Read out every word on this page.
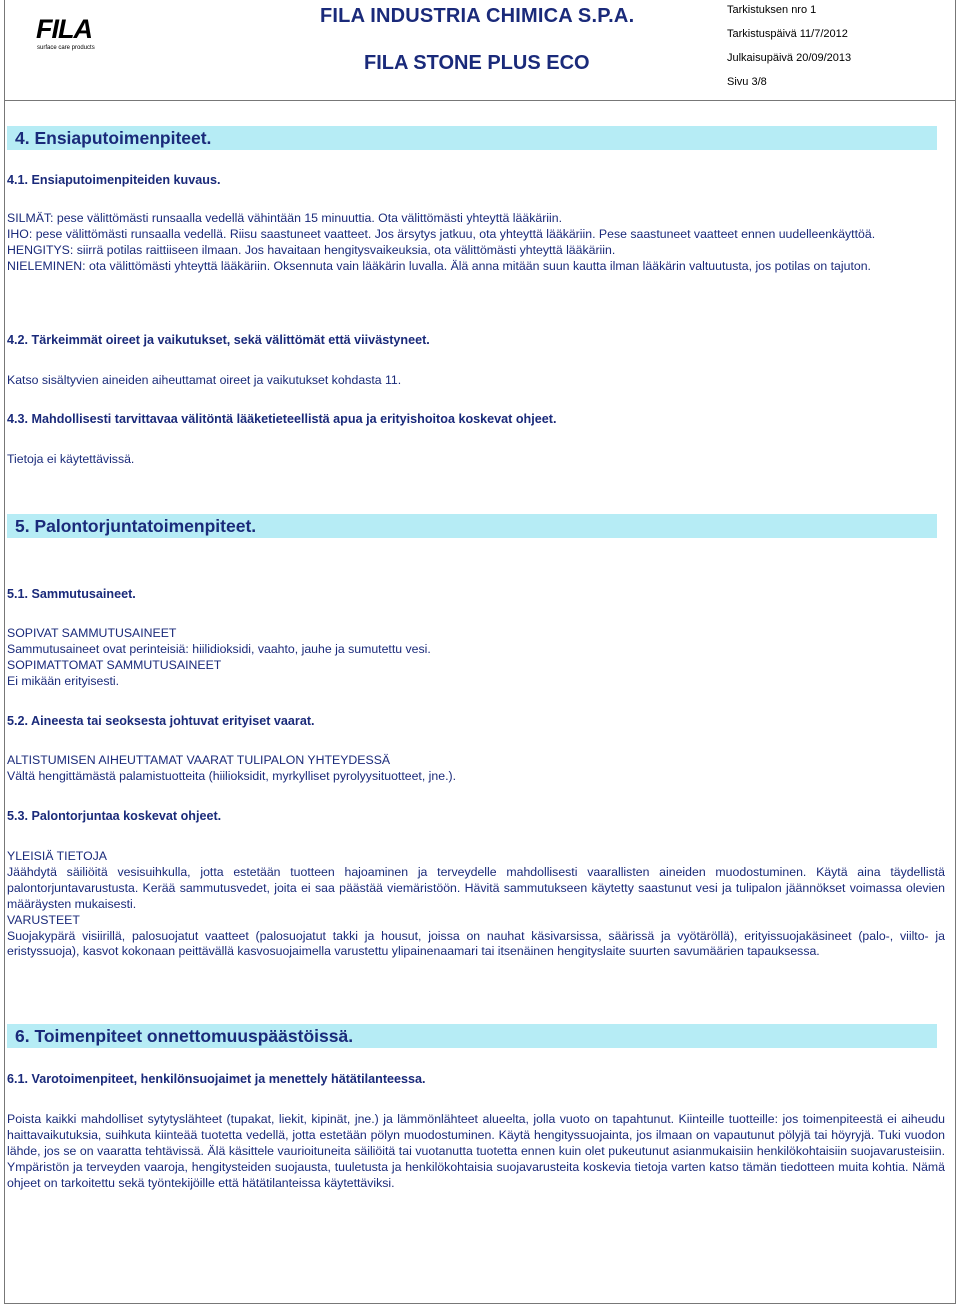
FILA
surface care products
FILA INDUSTRIA CHIMICA S.P.A.
FILA STONE PLUS ECO
Tarkistuksen nro 1
Tarkistuspäivä 11/7/2012
Julkaisupäivä 20/09/2013
Sivu 3/8
4. Ensiaputoimenpiteet.
4.1. Ensiaputoimenpiteiden kuvaus.
SILMÄT: pese välittömästi runsaalla vedellä vähintään 15 minuuttia. Ota välittömästi yhteyttä lääkäriin.
IHO: pese välittömästi runsaalla vedellä. Riisu saastuneet vaatteet. Jos ärsytys jatkuu, ota yhteyttä lääkäriin. Pese saastuneet vaatteet ennen uudelleenkäyttöä.
HENGITYS: siirrä potilas raittiiseen ilmaan. Jos havaitaan hengitysvaikeuksia, ota välittömästi yhteyttä lääkäriin.
NIELEMINEN: ota välittömästi yhteyttä lääkäriin. Oksennuta vain lääkärin luvalla. Älä anna mitään suun kautta ilman lääkärin valtuutusta, jos potilas on tajuton.
4.2. Tärkeimmät oireet ja vaikutukset, sekä välittömät että viivästyneet.
Katso sisältyvien aineiden aiheuttamat oireet ja vaikutukset kohdasta 11.
4.3. Mahdollisesti tarvittavaa välitöntä lääketieteellistä apua ja erityishoitoa koskevat ohjeet.
Tietoja ei käytettävissä.
5. Palontorjuntatoimenpiteet.
5.1. Sammutusaineet.
SOPIVAT SAMMUTUSAINEET
Sammutusaineet ovat perinteisiä: hiilidioksidi, vaahto, jauhe ja sumutettu vesi.
SOPIMATTOMAT SAMMUTUSAINEET
Ei mikään erityisesti.
5.2. Aineesta tai seoksesta johtuvat erityiset vaarat.
ALTISTUMISEN AIHEUTTAMAT VAARAT TULIPALON YHTEYDESSÄ
Vältä hengittämästä palamistuotteita (hiilioksidit, myrkylliset pyrolyysituotteet, jne.).
5.3. Palontorjuntaa koskevat ohjeet.
YLEISIÄ TIETOJA
Jäähdytä säiliöitä vesisuihkulla, jotta estetään tuotteen hajoaminen ja terveydelle mahdollisesti vaarallisten aineiden muodostuminen. Käytä aina täydellistä palontorjuntavarustusta. Kerää sammutusvedet, joita ei saa päästää viemäristöön. Hävitä sammutukseen käytetty saastunut vesi ja tulipalon jäännökset voimassa olevien määräysten mukaisesti.
VARUSTEET
Suojakypärä visiirillä, palosuojatut vaatteet (palosuojatut takki ja housut, joissa on nauhat käsivarsissa, säärissä ja vyötäröllä), erityissuojakäsineet (palo-, viilto- ja eristyssuoja), kasvot kokonaan peittävällä kasvosuojaimella varustettu ylipainenaamari tai itsenäinen hengityslaite suurten savumäärien tapauksessa.
6. Toimenpiteet onnettomuuspäästöissä.
6.1. Varotoimenpiteet, henkilönsuojaimet ja menettely hätätilanteessa.
Poista kaikki mahdolliset sytytyslähteet (tupakat, liekit, kipinät, jne.) ja lämmönlähteet alueelta, jolla vuoto on tapahtunut. Kiinteille tuotteille: jos toimenpiteestä ei aiheudu haittavaikutuksia, suihkuta kiinteää tuotetta vedellä, jotta estetään pölyn muodostuminen. Käytä hengityssuojainta, jos ilmaan on vapautunut pölyjä tai höyryjä. Tuki vuodon lähde, jos se on vaaratta tehtävissä. Älä käsittele vaurioituneita säiliöitä tai vuotanutta tuotetta ennen kuin olet pukeutunut asianmukaisiin henkilökohtaisiin suojavarusteisiin. Ympäristön ja terveyden vaaroja, hengitysteiden suojausta, tuuletusta ja henkilökohtaisia suojavarusteita koskevia tietoja varten katso tämän tiedotteen muita kohtia. Nämä ohjeet on tarkoitettu sekä työntekijöille että hätätilanteissa käytettäviksi.
